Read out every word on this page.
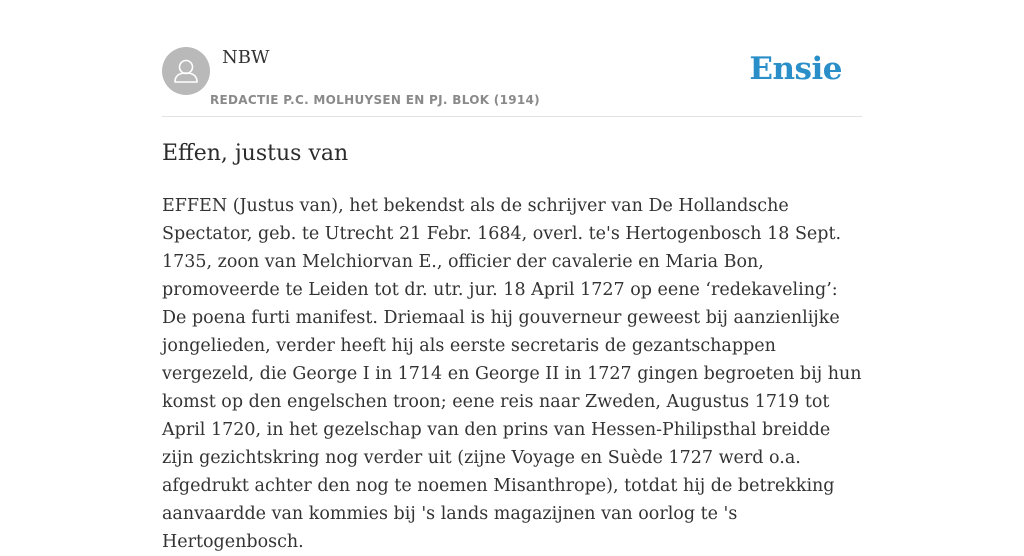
NBW
REDACTIE P.C. MOLHUYSEN EN PJ. BLOK (1914)
Ensie
Effen, justus van

EFFEN (Justus van), het bekendst als de schrijver van De Hollandsche Spectator, geb. te Utrecht 21 Febr. 1684, overl. te's Hertogenbosch 18 Sept. 1735, zoon van Melchiorvan E., officier der cavalerie en Maria Bon, promoveerde te Leiden tot dr. utr. jur. 18 April 1727 op eene ‘redekaveling’: De poena furti manifest. Driemaal is hij gouverneur geweest bij aanzienlijke jongelieden, verder heeft hij als eerste secretaris de gezantschappen vergezeld, die George I in 1714 en George II in 1727 gingen begroeten bij hun komst op den engelschen troon; eene reis naar Zweden, Augustus 1719 tot April 1720, in het gezelschap van den prins van Hessen-Philipsthal breidde zijn gezichtskring nog verder uit (zijne Voyage en Suède 1727 werd o.a. afgedrukt achter den nog te noemen Misanthrope), totdat hij de betrekking aanvaardde van kommies bij 's lands magazijnen van oorlog te 's Hertogenbosch.
